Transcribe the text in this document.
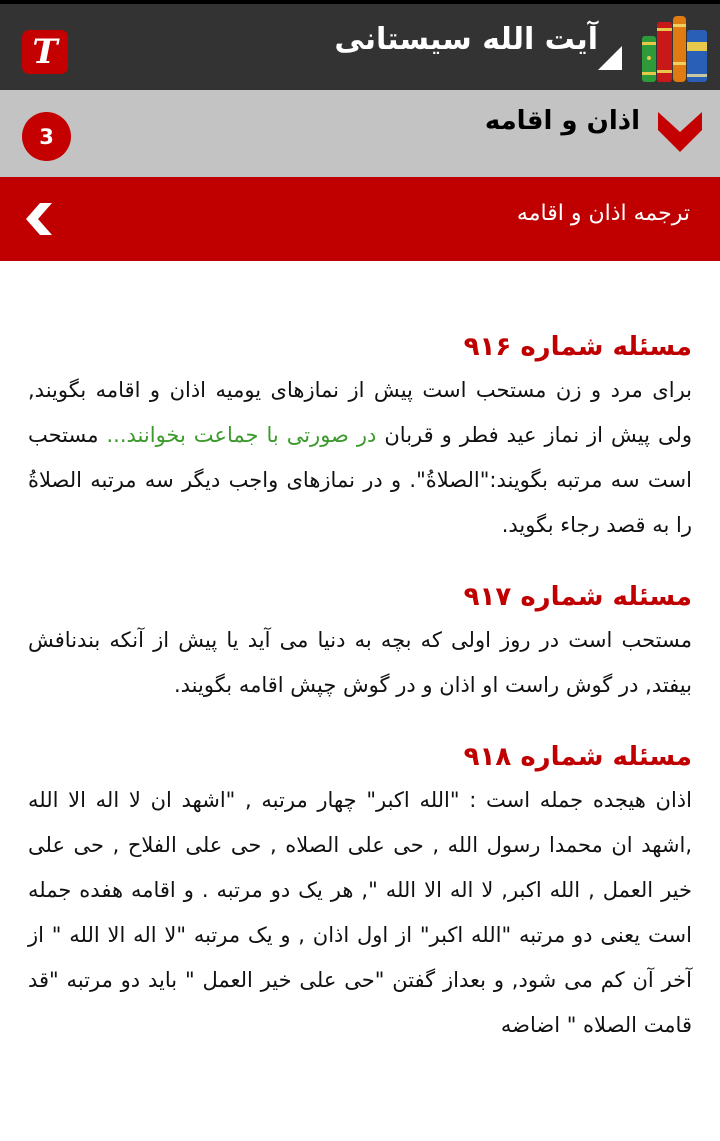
T	آیت الله سیستانی
3
اذان و اقامه
ترجمه اذان و اقامه
مسئله شماره ۹۱۶
برای مرد و زن مستحب است پیش از نمازهای یومیه اذان و اقامه بگویند, ولی پیش از نماز عید فطر و قربان در صورتی با جماعت بخوانند... مستحب است سه مرتبه بگویند:"الصلاةُ". و در نمازهای واجب دیگر سه مرتبه الصلاةُ را به قصد رجاء بگوید.
مسئله شماره ۹۱۷
مستحب است در روز اولی که بچه به دنیا می آید یا پیش از آنکه بندنافش بیفتد, در گوش راست او اذان و در گوش چپش اقامه بگویند.
مسئله شماره ۹۱۸
اذان هیجده جمله است : "الله اکبر" چهار مرتبه , "اشهد ان لا اله الا الله ,اشهد ان محمدا رسول الله , حی علی الصلاه , حی علی الفلاح , حی علی خیر العمل , الله اکبر, لا اله الا الله ", هر یک دو مرتبه . و اقامه هفده جمله است یعنی دو مرتبه "الله اکبر" از اول اذان , و یک مرتبه "لا اله الا الله " از آخر آن کم می شود, و بعداز گفتن "حی علی خیر العمل " باید دو مرتبه "قد قامت الصلاه " اضاضه
